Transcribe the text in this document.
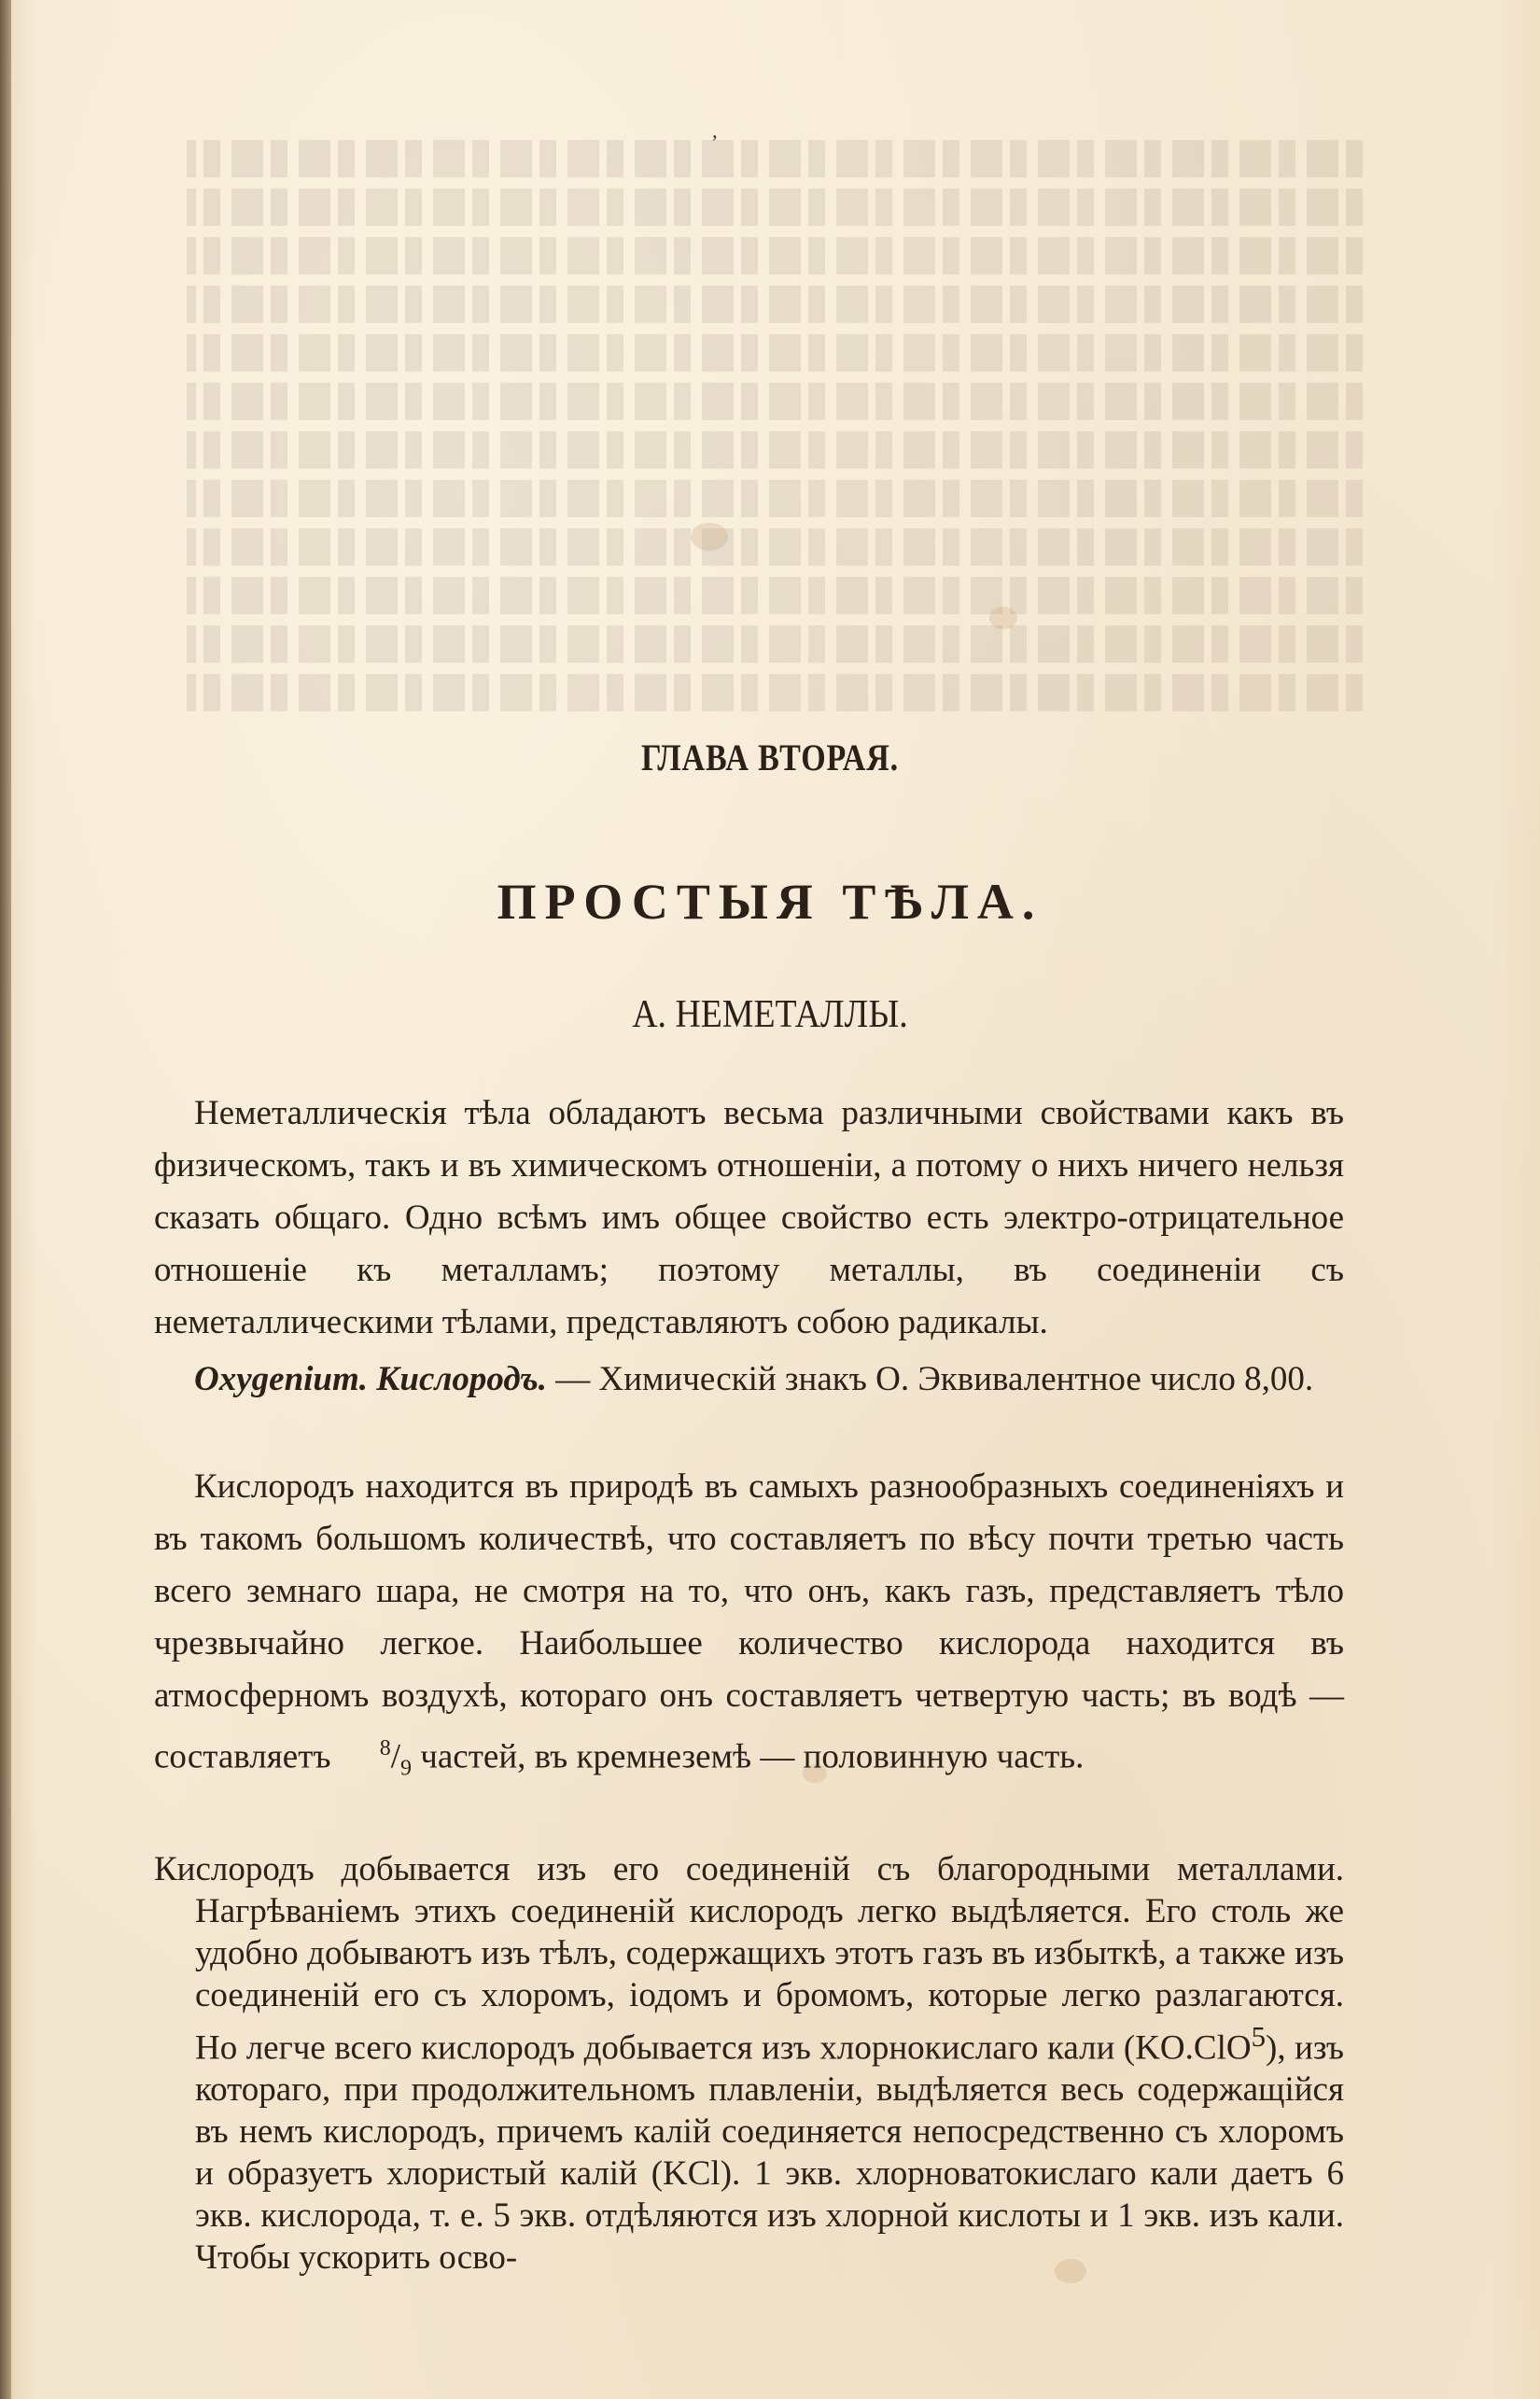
ʼ
ГЛАВА ВТОРАЯ.
ПРОСТЫЯ ТѢЛА.
А. НЕМЕТАЛЛЫ.

Неметаллическія тѣла обладаютъ весьма различными свойствами какъ въ физическомъ, такъ и въ химическомъ отношеніи, а потому о нихъ ничего нельзя сказать общаго. Одно всѣмъ имъ общее свойство есть электро-отрицательное отношеніе къ металламъ; поэтому металлы, въ соединеніи съ неметаллическими тѣлами, представляютъ собою радикалы.

Oxygenium. Кислородъ. — Химическій знакъ O. Эквивалентное число 8,00.

Кислородъ находится въ природѣ въ самыхъ разнообразныхъ соединеніяхъ и въ такомъ большомъ количествѣ, что составляетъ по вѣсу почти третью часть всего земнаго шара, не смотря на то, что онъ, какъ газъ, представляетъ тѣло чрезвычайно легкое. Наибольшее количество кислорода находится въ атмосферномъ воздухѣ, котораго онъ составляетъ четвертую часть; въ водѣ — составляетъ $^8/_9$ частей, въ кремнеземѣ — половинную часть.

Кислородъ добывается изъ его соединеній съ благородными металлами. Нагрѣваніемъ этихъ соединеній кислородъ легко выдѣляется. Его столь же удобно добываютъ изъ тѣлъ, содержащихъ этотъ газъ въ избыткѣ, а также изъ соединеній его съ хлоромъ, іодомъ и бромомъ, которые легко разлагаются. Но легче всего кислородъ добывается изъ хлорнокислаго кали (KO.ClO$^5$), изъ котораго, при продолжительномъ плавленіи, выдѣляется весь содержащійся въ немъ кислородъ, причемъ калій соединяется непосредственно съ хлоромъ и образуетъ хлористый калій (KCl). 1 экв. хлорноватокислаго кали даетъ 6 экв. кислорода, т. е. 5 экв. отдѣляются изъ хлорной кислоты и 1 экв. изъ кали. Чтобы ускорить осво-
